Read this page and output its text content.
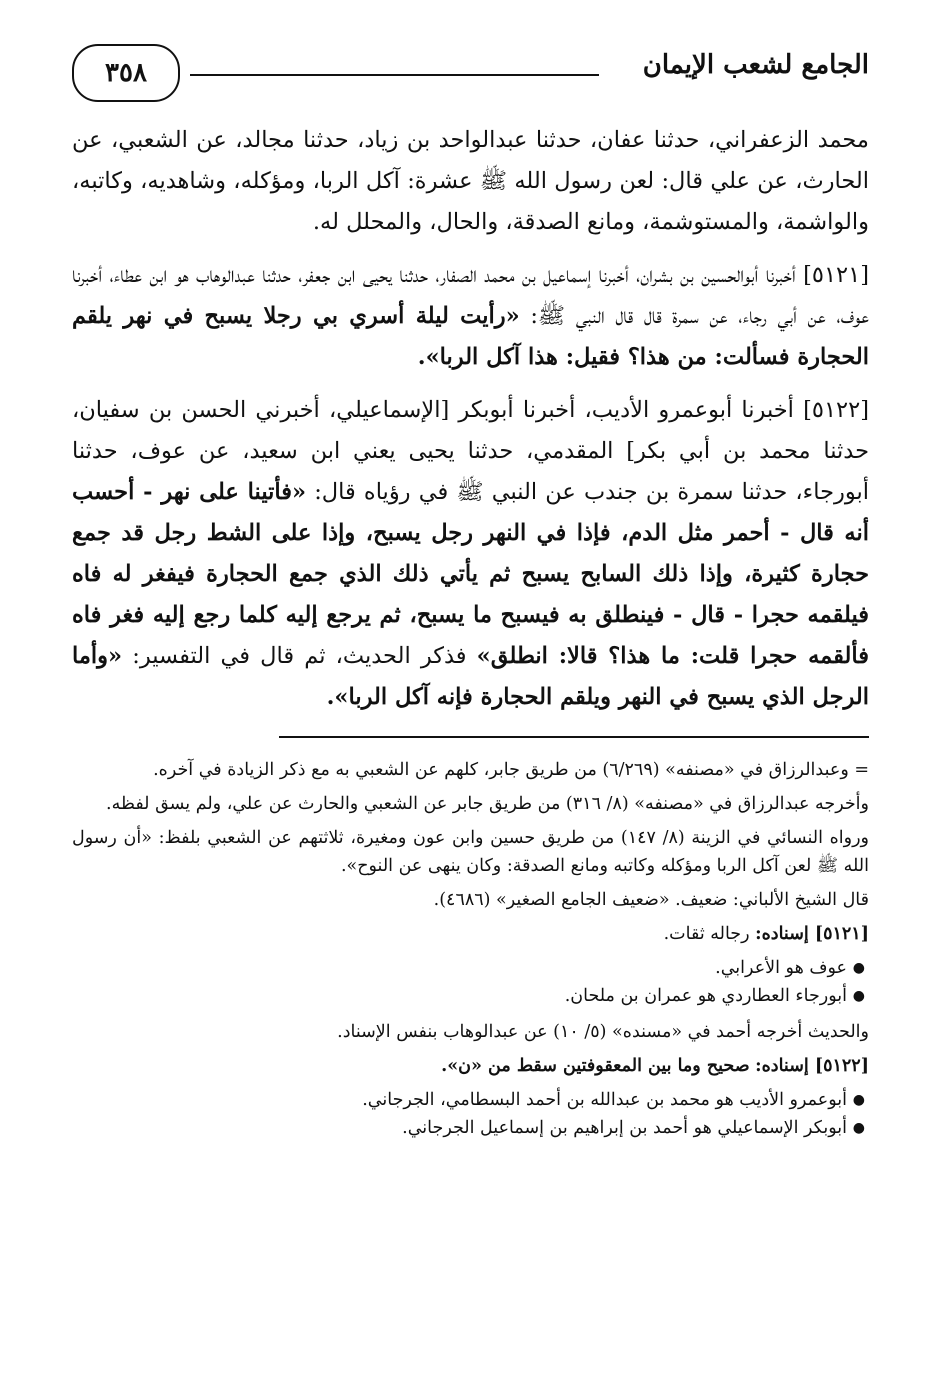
الجامع لشعب الإيمان
٣٥٨

محمد الزعفراني، حدثنا عفان، حدثنا عبدالواحد بن زياد، حدثنا مجالد، عن الشعبي، عن الحارث، عن علي قال: لعن رسول الله ﷺ عشرة: آكل الربا، ومؤكله، وشاهديه، وكاتبه، والواشمة، والمستوشمة، ومانع الصدقة، والحال، والمحلل له.

[٥١٢١] أخبرنا أبوالحسين بن بشران، أخبرنا إسماعيل بن محمد الصفار، حدثنا يحيى ابن جعفر، حدثنا عبدالوهاب هو ابن عطاء، أخبرنا عوف، عن أبي رجاء، عن سمرة قال قال النبي ﷺ: «رأيت ليلة أسري بي رجلا يسبح في نهر يلقم الحجارة فسألت: من هذا؟ فقيل: هذا آكل الربا».

[٥١٢٢] أخبرنا أبوعمرو الأديب، أخبرنا أبوبكر [الإسماعيلي، أخبرني الحسن بن سفيان، حدثنا محمد بن أبي بكر] المقدمي، حدثنا يحيى يعني ابن سعيد، عن عوف، حدثنا أبورجاء، حدثنا سمرة بن جندب عن النبي ﷺ في رؤياه قال: «فأتينا على نهر - أحسب أنه قال - أحمر مثل الدم، فإذا في النهر رجل يسبح، وإذا على الشط رجل قد جمع حجارة كثيرة، وإذا ذلك السابح يسبح ثم يأتي ذلك الذي جمع الحجارة فيفغر له فاه فيلقمه حجرا - قال - فينطلق به فيسبح ما يسبح، ثم يرجع إليه كلما رجع إليه فغر فاه فألقمه حجرا قلت: ما هذا؟ قالا: انطلق» فذكر الحديث، ثم قال في التفسير: «وأما الرجل الذي يسبح في النهر ويلقم الحجارة فإنه آكل الربا».

= وعبدالرزاق في «مصنفه» (٦/٢٦٩) من طريق جابر، كلهم عن الشعبي به مع ذكر الزيادة في آخره.

وأخرجه عبدالرزاق في «مصنفه» (٨/ ٣١٦) من طريق جابر عن الشعبي والحارث عن علي، ولم يسق لفظه.

ورواه النسائي في الزينة (٨/ ١٤٧) من طريق حسين وابن عون ومغيرة، ثلاثتهم عن الشعبي بلفظ: «أن رسول الله ﷺ لعن آكل الربا ومؤكله وكاتبه ومانع الصدقة: وكان ينهى عن النوح».

قال الشيخ الألباني: ضعيف. «ضعيف الجامع الصغير» (٤٦٨٦).

[٥١٢١] إسناده: رجاله ثقات.

●
عوف هو الأعرابي.
●
أبورجاء العطاردي هو عمران بن ملحان.

والحديث أخرجه أحمد في «مسنده» (٥/ ١٠) عن عبدالوهاب بنفس الإسناد.

[٥١٢٢] إسناده: صحيح وما بين المعقوفتين سقط من «ن».

●
أبوعمرو الأديب هو محمد بن عبدالله بن أحمد البسطامي، الجرجاني.
●
أبوبكر الإسماعيلي هو أحمد بن إبراهيم بن إسماعيل الجرجاني.
